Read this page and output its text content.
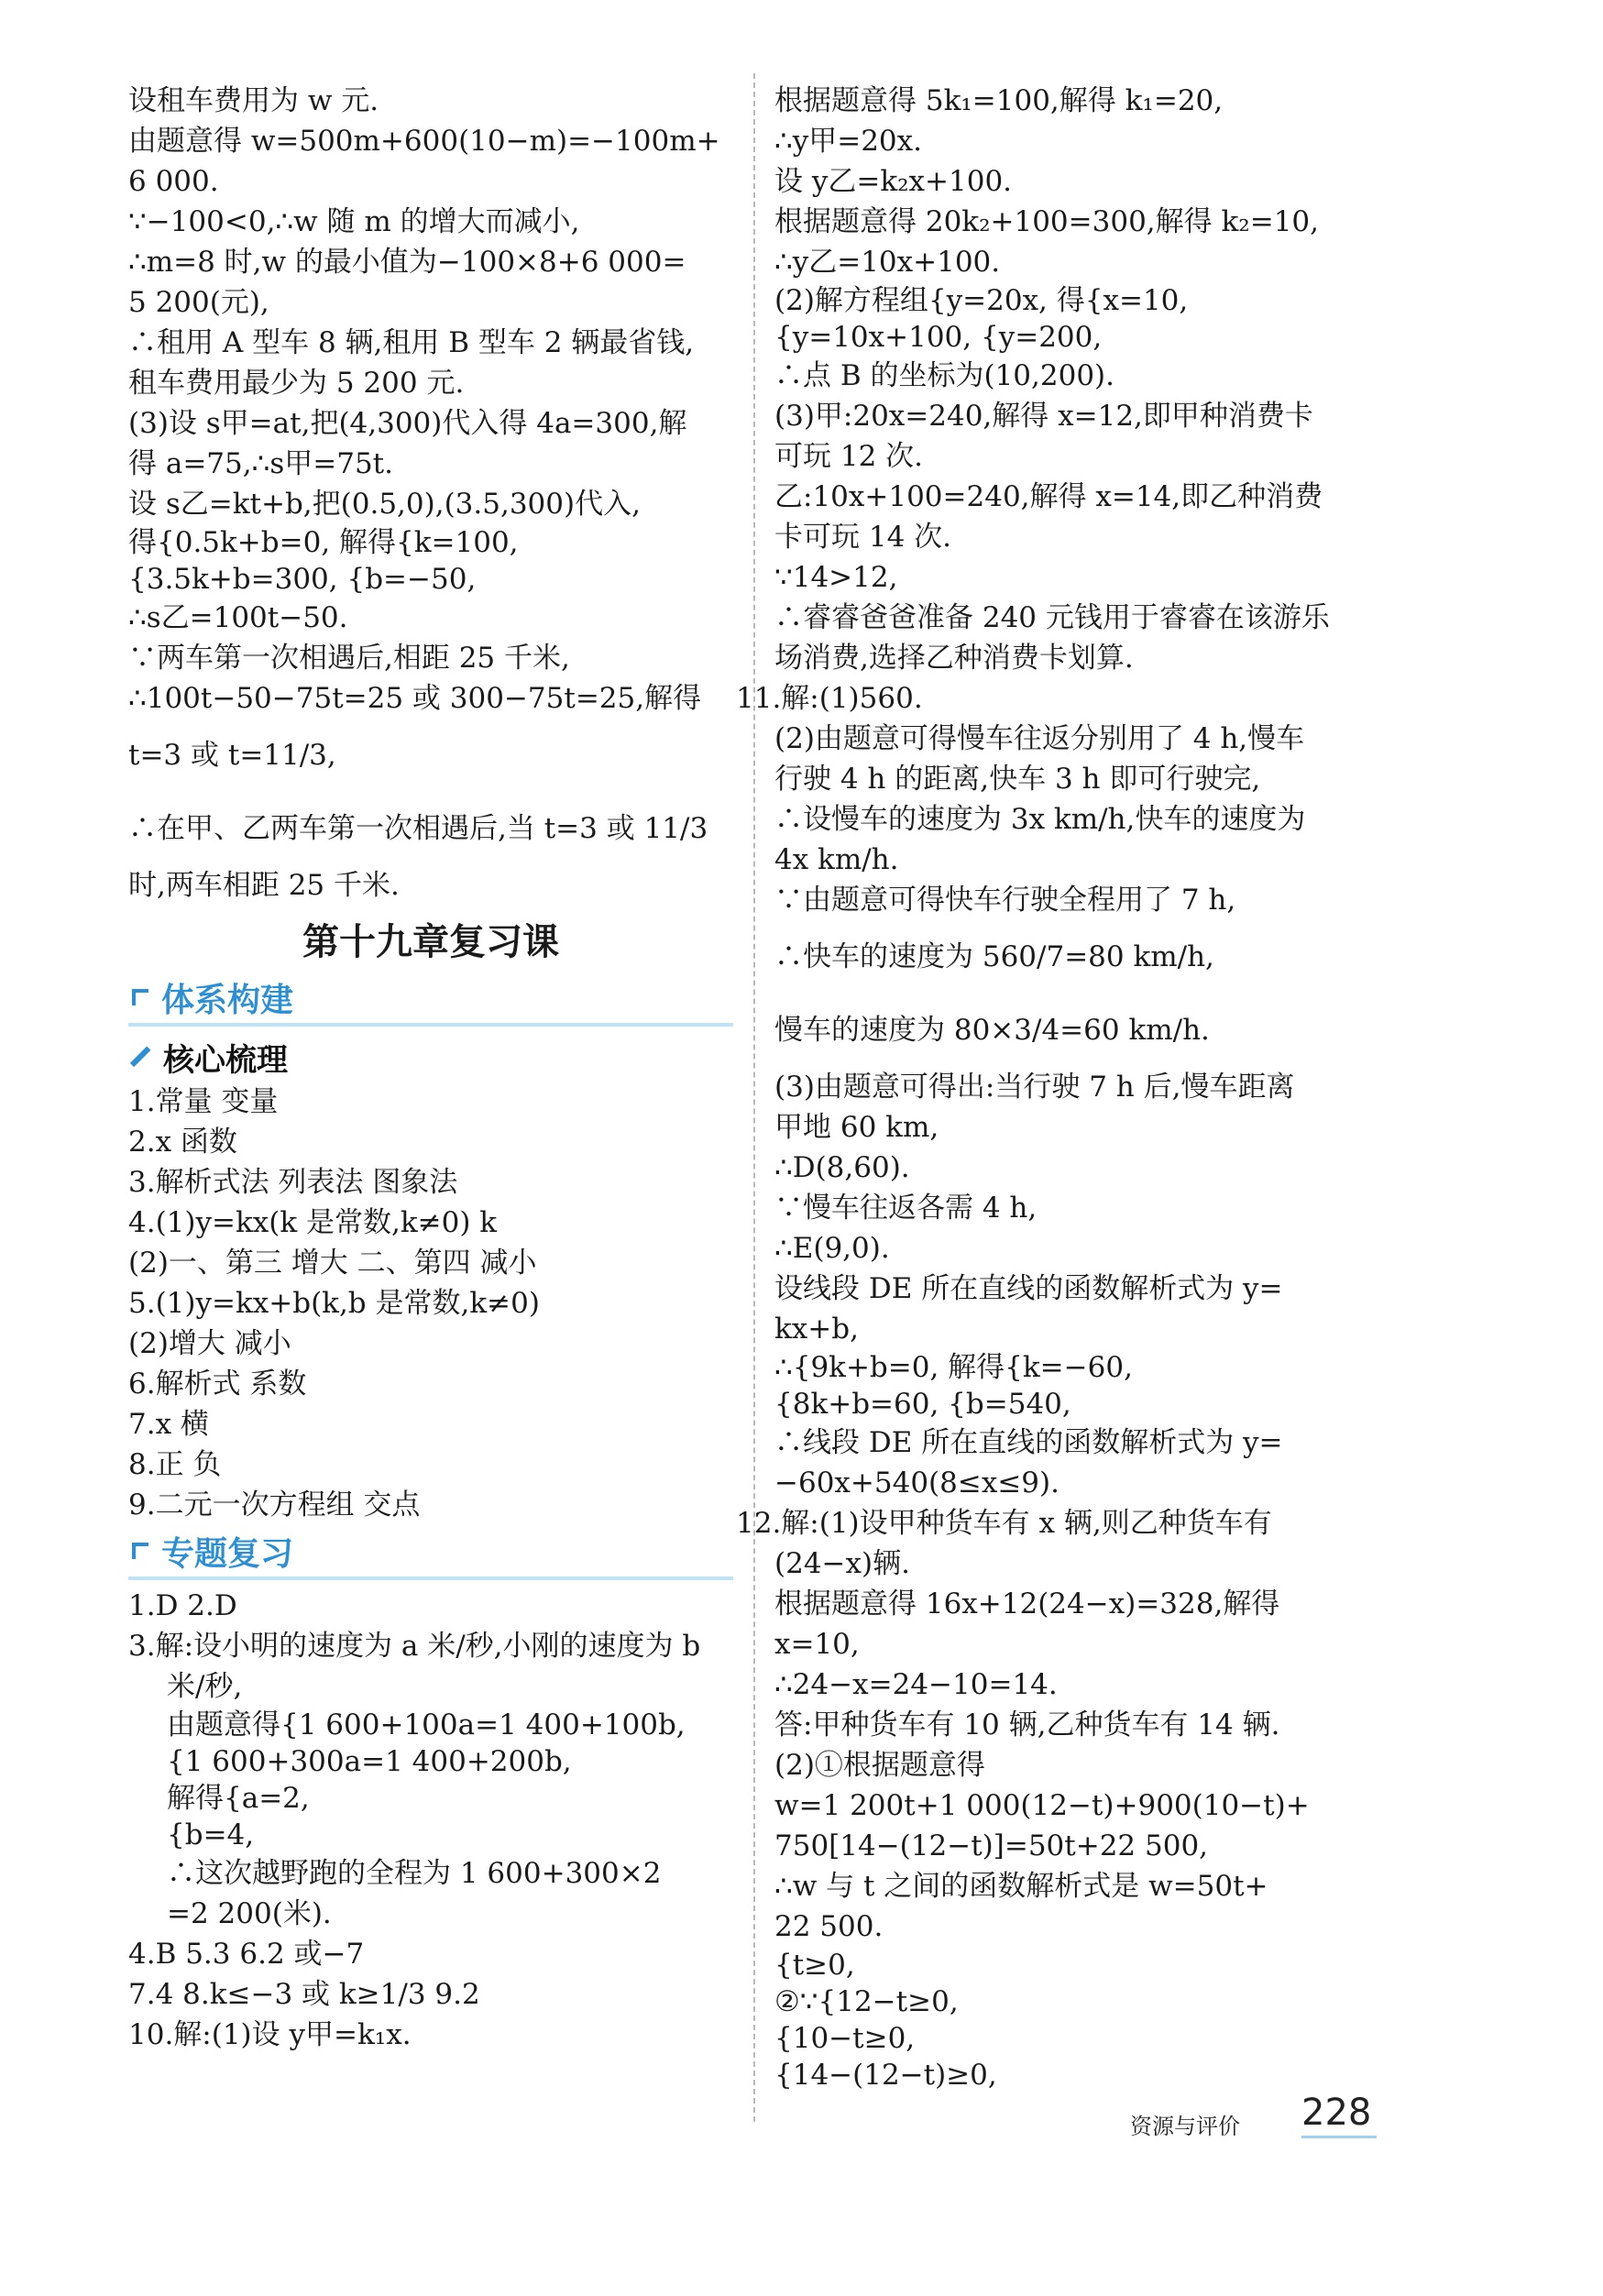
设租车费用为 w 元.
由题意得 w=500m+600(10−m)=−100m+
6 000.
∵−100<0,∴w 随 m 的增大而减小,
∴m=8 时,w 的最小值为−100×8+6 000=
5 200(元),
∴租用 A 型车 8 辆,租用 B 型车 2 辆最省钱,
租车费用最少为 5 200 元.
(3)设 s甲=at,把(4,300)代入得 4a=300,解
得 a=75,∴s甲=75t.
设 s乙=kt+b,把(0.5,0),(3.5,300)代入,
得{0.5k+b=0, 解得{k=100,
{3.5k+b=300, {b=−50,
∴s乙=100t−50.
∵两车第一次相遇后,相距 25 千米,
∴100t−50−75t=25 或 300−75t=25,解得
t=3 或 t=11/3,
∴在甲、乙两车第一次相遇后,当 t=3 或 11/3
时,两车相距 25 千米.
第十九章复习课
体系构建
核心梳理
1.常量 变量
2.x 函数
3.解析式法 列表法 图象法
4.(1)y=kx(k 是常数,k≠0) k
(2)一、第三 增大 二、第四 减小
5.(1)y=kx+b(k,b 是常数,k≠0)
(2)增大 减小
6.解析式 系数
7.x 横
8.正 负
9.二元一次方程组 交点
专题复习
1.D 2.D
3.解:设小明的速度为 a 米/秒,小刚的速度为 b
米/秒,
由题意得{1 600+100a=1 400+100b,
{1 600+300a=1 400+200b,
解得{a=2,
{b=4,
∴这次越野跑的全程为 1 600+300×2
=2 200(米).
4.B 5.3 6.2 或−7
7.4 8.k≤−3 或 k≥1/3 9.2
10.解:(1)设 y甲=k₁x.
根据题意得 5k₁=100,解得 k₁=20,
∴y甲=20x.
设 y乙=k₂x+100.
根据题意得 20k₂+100=300,解得 k₂=10,
∴y乙=10x+100.
(2)解方程组{y=20x, 得{x=10,
{y=10x+100, {y=200,
∴点 B 的坐标为(10,200).
(3)甲:20x=240,解得 x=12,即甲种消费卡
可玩 12 次.
乙:10x+100=240,解得 x=14,即乙种消费
卡可玩 14 次.
∵14>12,
∴睿睿爸爸准备 240 元钱用于睿睿在该游乐
场消费,选择乙种消费卡划算.
11.解:(1)560.
(2)由题意可得慢车往返分别用了 4 h,慢车
行驶 4 h 的距离,快车 3 h 即可行驶完,
∴设慢车的速度为 3x km/h,快车的速度为
4x km/h.
∵由题意可得快车行驶全程用了 7 h,
∴快车的速度为 560/7=80 km/h,
慢车的速度为 80×3/4=60 km/h.
(3)由题意可得出:当行驶 7 h 后,慢车距离
甲地 60 km,
∴D(8,60).
∵慢车往返各需 4 h,
∴E(9,0).
设线段 DE 所在直线的函数解析式为 y=
kx+b,
∴{9k+b=0, 解得{k=−60,
{8k+b=60, {b=540,
∴线段 DE 所在直线的函数解析式为 y=
−60x+540(8≤x≤9).
12.解:(1)设甲种货车有 x 辆,则乙种货车有
(24−x)辆.
根据题意得 16x+12(24−x)=328,解得
x=10,
∴24−x=24−10=14.
答:甲种货车有 10 辆,乙种货车有 14 辆.
(2)①根据题意得
w=1 200t+1 000(12−t)+900(10−t)+
750[14−(12−t)]=50t+22 500,
∴w 与 t 之间的函数解析式是 w=50t+
22 500.
{t≥0,
②∵{12−t≥0,
{10−t≥0,
{14−(12−t)≥0,
资源与评价 228
